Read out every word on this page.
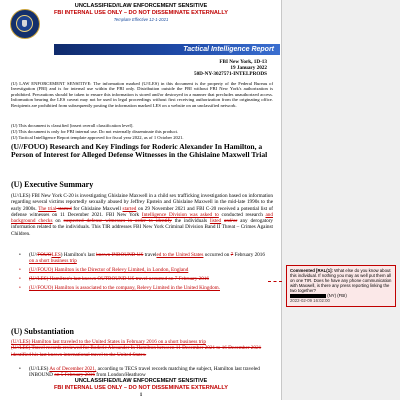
UNCLASSIFIED//LAW ENFORCEMENT SENSITIVE
FBI INTERNAL USE ONLY – DO NOT DISSEMINATE EXTERNALLY
Template Effective 12-1-2021
Tactical Intelligence Report
FBI New York, 1D-13
19 January 2022
50D-NY-3027571-INTELPRODS
(U) LAW ENFORCEMENT SENSITIVE: The information marked (U//LES) in this document is the property of the Federal Bureau of Investigation (FBI) and is for internal use within the FBI only. Distribution outside the FBI without FBI New York's authorization is prohibited. Precautions should be taken to ensure this information is stored and/or destroyed in a manner that precludes unauthorized access. Information bearing the LES caveat may not be used in legal proceedings without first receiving authorization from the originating office. Recipients are prohibited from subsequently posting the information marked LES on a website on an unclassified network.
(U) This document is classified [insert overall classification level].
(U) This document is only for FBI internal use. Do not externally disseminate this product.
(U) Tactical Intelligence Report template approved for fiscal year 2022, as of 1 October 2021.
(U//FOUO) Research and Key Findings for Roderic Alexander In Hamilton, a Person of Interest for Alleged Defense Witnesses in the Ghislaine Maxwell Trial
(U) Executive Summary
(U//LES) FBI New York C-20 is investigating Ghislaine Maxwell in a child sex trafficking investigation based on information regarding several victims reportedly sexually abused by Jeffrey Epstein and Ghislaine Maxwell in the mid-late 1990s to the early 2000s. The trial started for Ghislaine Maxwell started on 29 November 2021 and FBI C-20 received a potential list of defense witnesses on 11 December 2021. FBI New York Intelligence Division was asked to conducted research and background checks on suspected defense witnesses in order to identify the individuals listed and/or any derogatory information related to the individuals. This TIR addresses FBI New York Criminal Division Band II Threat – Crimes Against Children.
• (U//FOUOLES) Hamilton's last known INBOUND US traveled to the United States occurred on 7 February 2016 on a short business trip
• (U//FOUO) Hamilton is the Director of Relevy Limited, in London, England
• (U//LES) Hamilton's last known OUTBOUND US travel occurred on 7 February 2016
• (U//FOUO) Hamilton is associated to the company, Relevy Limited in the United Kingdom.
(U) Substantiation
(U//LES) Hamilton last traveled to the United States in February 2016 on a short business trip
(U//LES) Travel records reviewed for Roderic Alexander In Hamilton between 11 December 2021 to 16 December 2021 identified his last known international travel to the United States.
• (U//LES) As of December 2021, according to TECS travel records matching the subject, Hamilton last traveled INBOUND on 5 February 2016 from London/Heathrow
UNCLASSIFIED//LAW ENFORCEMENT SENSITIVE
FBI INTERNAL USE ONLY – DO NOT DISSEMINATE EXTERNALLY
1
Commented [RAL(1]: What else do you know about this individual. If nothing you may as well put them all on one TIR. Does he have any phone communication with Maxwell, is there any press reporting linking the two together?
(NY) (FBI)
2022-02-09 16:02:00
